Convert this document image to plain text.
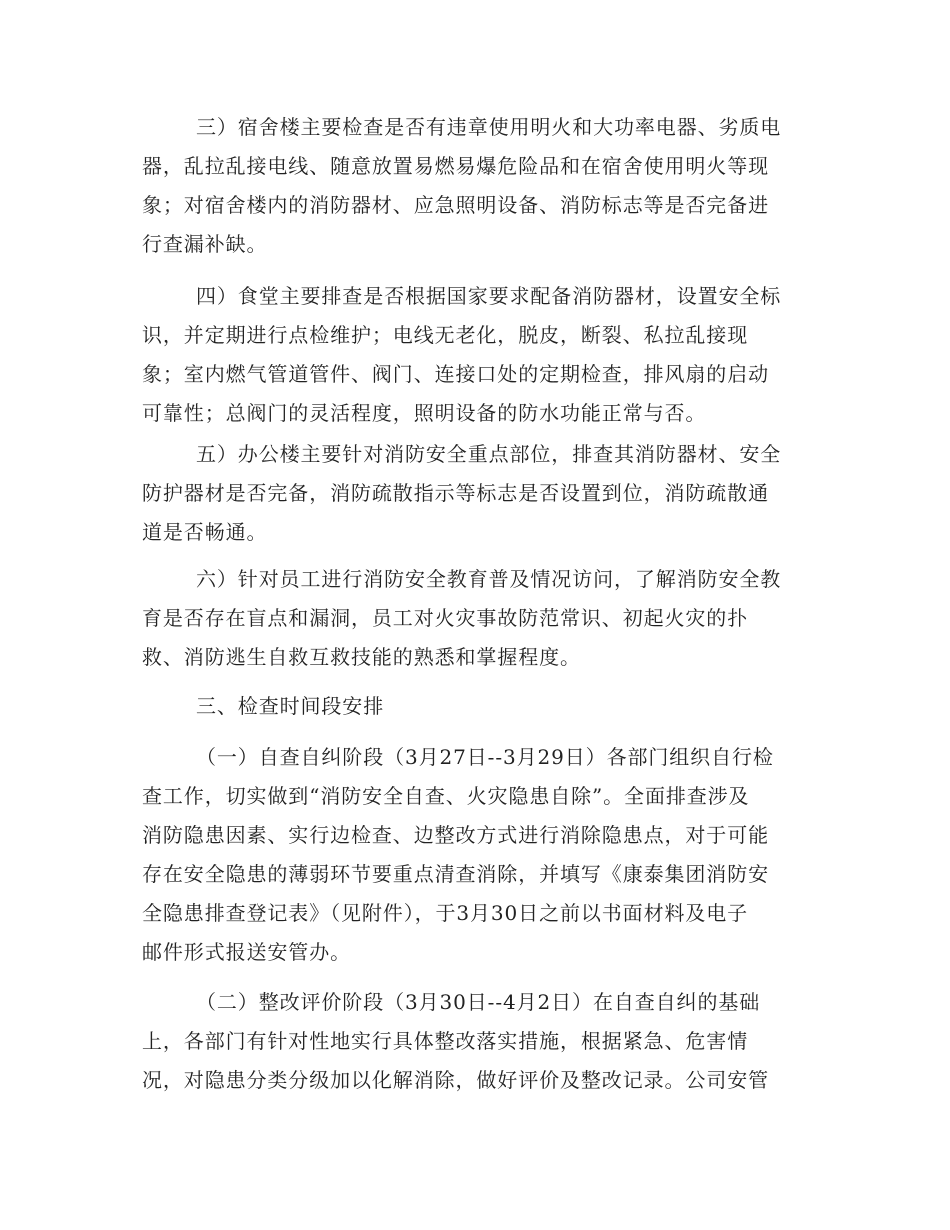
三）宿舍楼主要检查是否有违章使用明火和大功率电器、劣质电
器，乱拉乱接电线、随意放置易燃易爆危险品和在宿舍使用明火等现
象；对宿舍楼内的消防器材、应急照明设备、消防标志等是否完备进
行查漏补缺。
四）食堂主要排查是否根据国家要求配备消防器材，设置安全标
识，并定期进行点检维护；电线无老化，脱皮，断裂、私拉乱接现
象；室内燃气管道管件、阀门、连接口处的定期检查，排风扇的启动
可靠性；总阀门的灵活程度，照明设备的防水功能正常与否。
五）办公楼主要针对消防安全重点部位，排查其消防器材、安全
防护器材是否完备，消防疏散指示等标志是否设置到位，消防疏散通
道是否畅通。
六）针对员工进行消防安全教育普及情况访问，了解消防安全教
育是否存在盲点和漏洞，员工对火灾事故防范常识、初起火灾的扑
救、消防逃生自救互救技能的熟悉和掌握程度。
三、检查时间段安排
（一）自查自纠阶段（3月27日--3月29日）各部门组织自行检
查工作，切实做到“消防安全自查、火灾隐患自除”。全面排查涉及
消防隐患因素、实行边检查、边整改方式进行消除隐患点，对于可能
存在安全隐患的薄弱环节要重点清查消除，并填写《康泰集团消防安
全隐患排查登记表》（见附件），于3月30日之前以书面材料及电子
邮件形式报送安管办。
（二）整改评价阶段（3月30日--4月2日）在自查自纠的基础
上，各部门有针对性地实行具体整改落实措施，根据紧急、危害情
况，对隐患分类分级加以化解消除，做好评价及整改记录。公司安管
